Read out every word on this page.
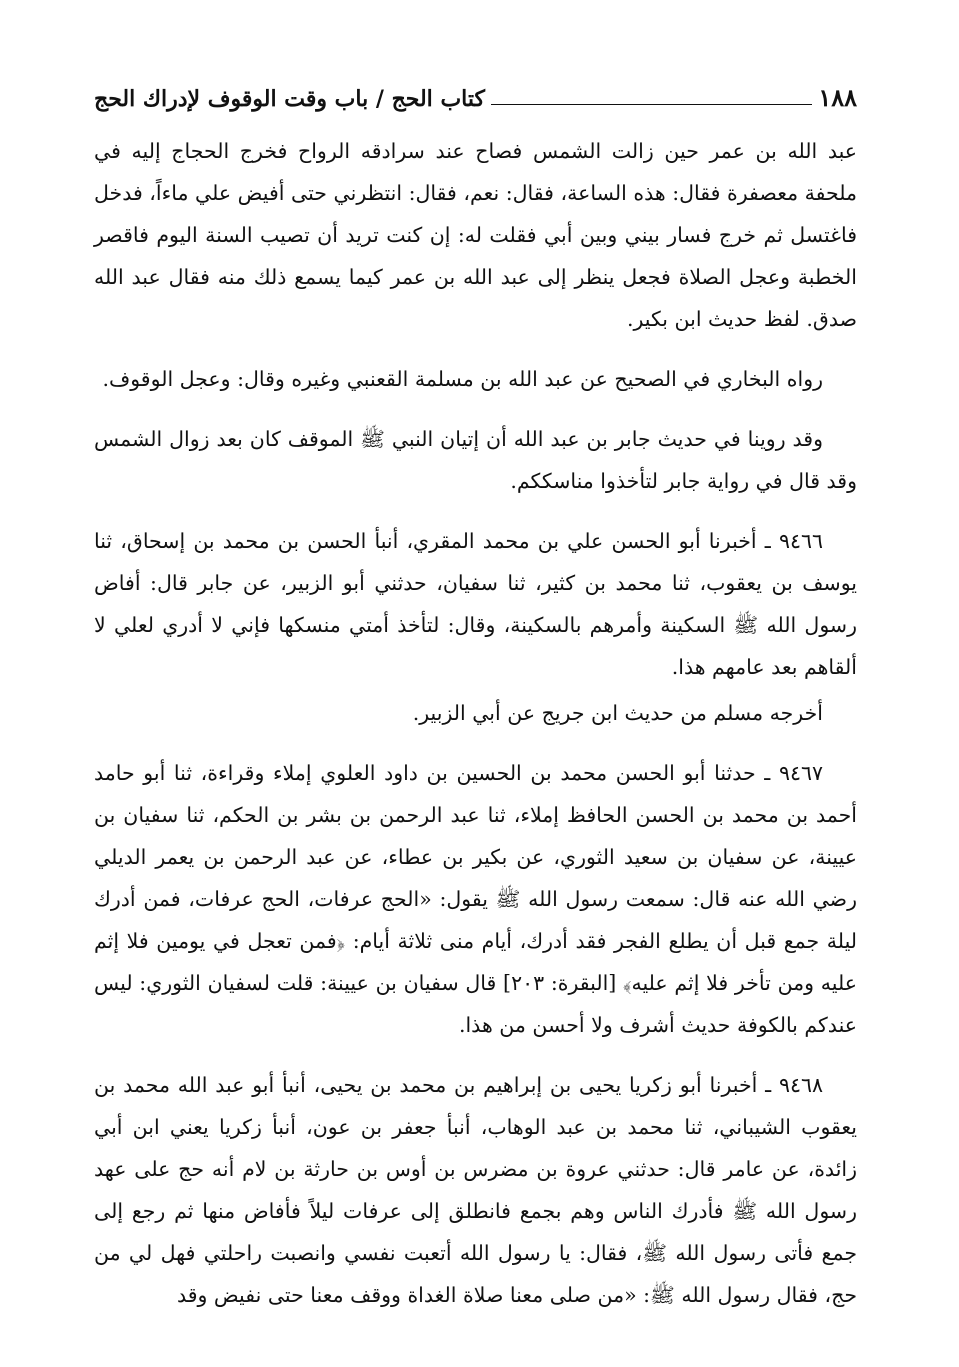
١٨٨
كتاب الحج / باب وقت الوقوف لإدراك الحج

عبد الله بن عمر حين زالت الشمس فصاح عند سرادقه الرواح فخرج الحجاج إليه في ملحفة معصفرة فقال: هذه الساعة، فقال: نعم، فقال: انتظرني حتى أفيض علي ماءاً، فدخل فاغتسل ثم خرج فسار بيني وبين أبي فقلت له: إن كنت تريد أن تصيب السنة اليوم فاقصر الخطبة وعجل الصلاة فجعل ينظر إلى عبد الله بن عمر كيما يسمع ذلك منه فقال عبد الله صدق. لفظ حديث ابن بكير.

رواه البخاري في الصحيح عن عبد الله بن مسلمة القعنبي وغيره وقال: وعجل الوقوف.

وقد روينا في حديث جابر بن عبد الله أن إتيان النبي ﷺ الموقف كان بعد زوال الشمس وقد قال في رواية جابر لتأخذوا مناسككم.

٩٤٦٦ ـ أخبرنا أبو الحسن علي بن محمد المقري، أنبأ الحسن بن محمد بن إسحاق، ثنا يوسف بن يعقوب، ثنا محمد بن كثير، ثنا سفيان، حدثني أبو الزبير، عن جابر قال: أفاض رسول الله ﷺ السكينة وأمرهم بالسكينة، وقال: لتأخذ أمتي منسكها فإني لا أدري لعلي لا ألقاهم بعد عامهم هذا.

أخرجه مسلم من حديث ابن جريج عن أبي الزبير.

٩٤٦٧ ـ حدثنا أبو الحسن محمد بن الحسين بن داود العلوي إملاء وقراءة، ثنا أبو حامد أحمد بن محمد بن الحسن الحافظ إملاء، ثنا عبد الرحمن بن بشر بن الحكم، ثنا سفيان بن عيينة، عن سفيان بن سعيد الثوري، عن بكير بن عطاء، عن عبد الرحمن بن يعمر الديلي رضي الله عنه قال: سمعت رسول الله ﷺ يقول: «الحج عرفات، الحج عرفات، فمن أدرك ليلة جمع قبل أن يطلع الفجر فقد أدرك، أيام منى ثلاثة أيام: ﴿فمن تعجل في يومين فلا إثم عليه ومن تأخر فلا إثم عليه﴾ [البقرة: ٢٠٣] قال سفيان بن عيينة: قلت لسفيان الثوري: ليس عندكم بالكوفة حديث أشرف ولا أحسن من هذا.

٩٤٦٨ ـ أخبرنا أبو زكريا يحيى بن إبراهيم بن محمد بن يحيى، أنبأ أبو عبد الله محمد بن يعقوب الشيباني، ثنا محمد بن عبد الوهاب، أنبأ جعفر بن عون، أنبأ زكريا يعني ابن أبي زائدة، عن عامر قال: حدثني عروة بن مضرس بن أوس بن حارثة بن لام أنه حج على عهد رسول الله ﷺ فأدرك الناس وهم بجمع فانطلق إلى عرفات ليلاً فأفاض منها ثم رجع إلى جمع فأتى رسول الله ﷺ، فقال: يا رسول الله أتعبت نفسي وانصبت راحلتي فهل لي من حج، فقال رسول الله ﷺ: «من صلى معنا صلاة الغداة ووقف معنا حتى نفيض وقد
